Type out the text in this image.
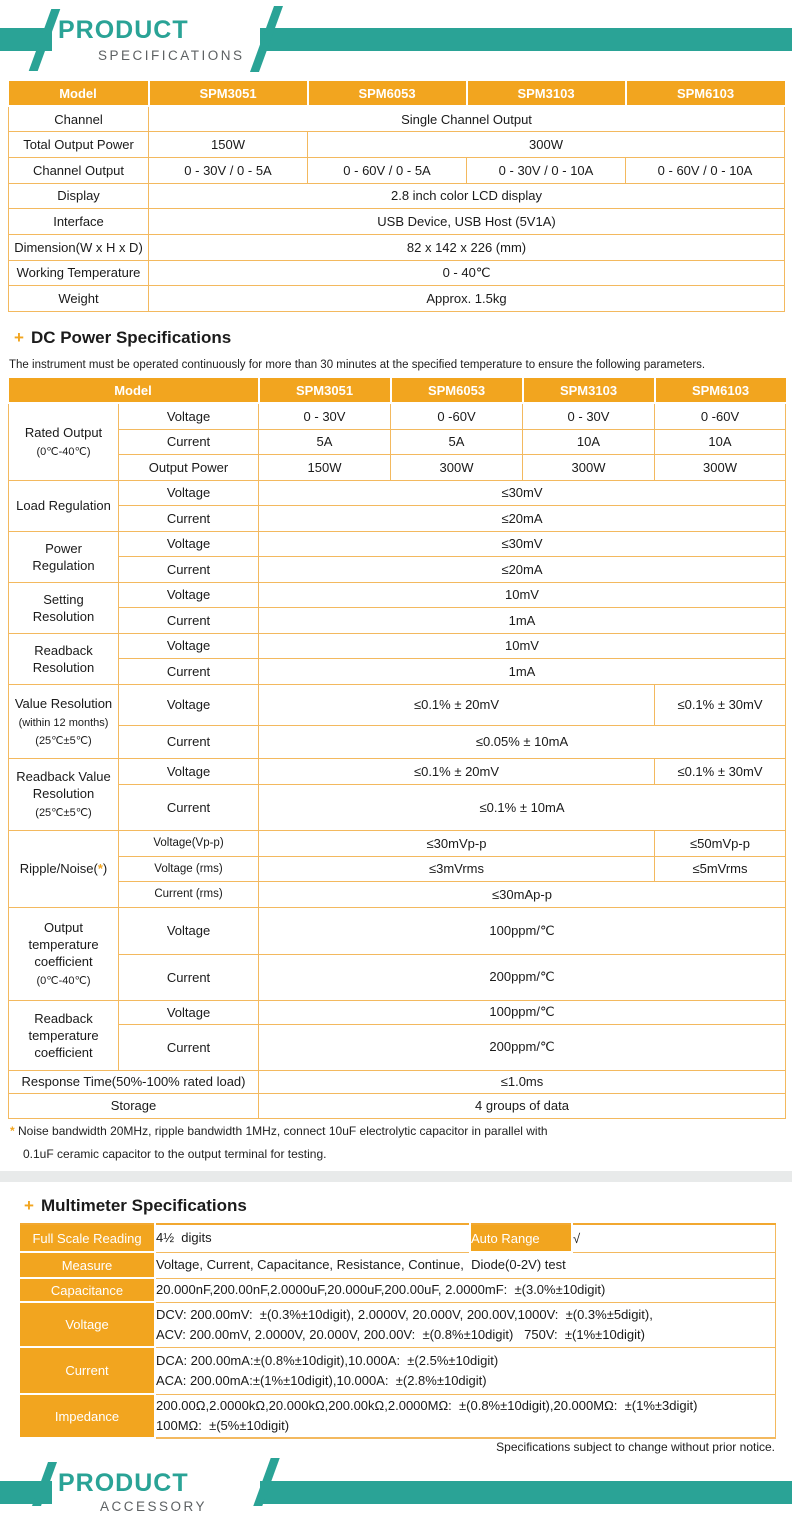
PRODUCT
SPECIFICATIONS
Model	SPM3051	SPM6053	SPM3103	SPM6103
Channel	Single Channel Output			
Total Output Power	150W	300W		
Channel Output	0 - 30V / 0 - 5A	0 - 60V / 0 - 5A	0 - 30V / 0 - 10A	0 - 60V / 0 - 10A
Display	2.8 inch color LCD display			
Interface	USB Device, USB Host (5V1A)			
Dimension(W x H x D)	82 x 142 x 226 (mm)			
Working Temperature	0 - 40℃			
Weight	Approx. 1.5kg			
+ DC Power Specifications
The instrument must be operated continuously for more than 30 minutes at the specified temperature to ensure the following parameters.
Model		SPM3051	SPM6053	SPM3103	SPM6103

Rated Output
(0℃-40℃)	Voltage	0 - 30V	0 -60V	0 - 30V	0 -60V
	Current	5A	5A	10A	10A
	Output Power	150W	300W	300W	300W

Load Regulation	Voltage	≤30mV			
	Current	≤20mA			

Power Regulation	Voltage	≤30mV			
	Current	≤20mA			

Setting Resolution	Voltage	10mV			
	Current	1mA			

Readback Resolution	Voltage	10mV			
	Current	1mA			

Value Resolution
(within 12 months)
(25℃±5℃)	Voltage	≤0.1% ± 20mV			≤0.1% ± 30mV
	Current	≤0.05% ± 10mA			

Readback Value Resolution
(25℃±5℃)	Voltage	≤0.1% ± 20mV			≤0.1% ± 30mV
	Current	≤0.1% ± 10mA			

Ripple/Noise(*)	Voltage(Vp-p)	≤30mVp-p			≤50mVp-p
	Voltage (rms)	≤3mVrms			≤5mVrms
	Current (rms)	≤30mAp-p			

Output temperature coefficient
(0℃-40℃)	Voltage	100ppm/℃			
	Current	200ppm/℃			

Readback temperature coefficient	Voltage	100ppm/℃			
	Current	200ppm/℃			
Response Time(50%-100% rated load)		≤1.0ms			
Storage		4 groups of data			
* Noise bandwidth 20MHz, ripple bandwidth 1MHz, connect 10uF electrolytic capacitor in parallel with
0.1uF ceramic capacitor to the output terminal for testing.
+ Multimeter Specifications
Full Scale Reading	4½  digits	Auto Range	√
Measure	Voltage, Current, Capacitance, Resistance, Continue,  Diode(0-2V) test		

Capacitance	20.000nF,200.00nF,2.0000uF,20.000uF,200.00uF, 2.0000mF:  ±(3.0%±10digit)		

Voltage	DCV: 200.00mV:  ±(0.3%±10digit), 2.0000V, 20.000V, 200.00V,1000V:  ±(0.3%±5digit),
ACV: 200.00mV, 2.0000V, 20.000V, 200.00V:  ±(0.8%±10digit)   750V:  ±(1%±10digit)		

Current	DCA: 200.00mA:±(0.8%±10digit),10.000A:  ±(2.5%±10digit)
ACA: 200.00mA:±(1%±10digit),10.000A:  ±(2.8%±10digit)		

Impedance	200.00Ω,2.0000kΩ,20.000kΩ,200.00kΩ,2.0000MΩ:  ±(0.8%±10digit),20.000MΩ:  ±(1%±3digit)
100MΩ:  ±(5%±10digit)		
Specifications subject to change without prior notice.
PRODUCT
ACCESSORY
